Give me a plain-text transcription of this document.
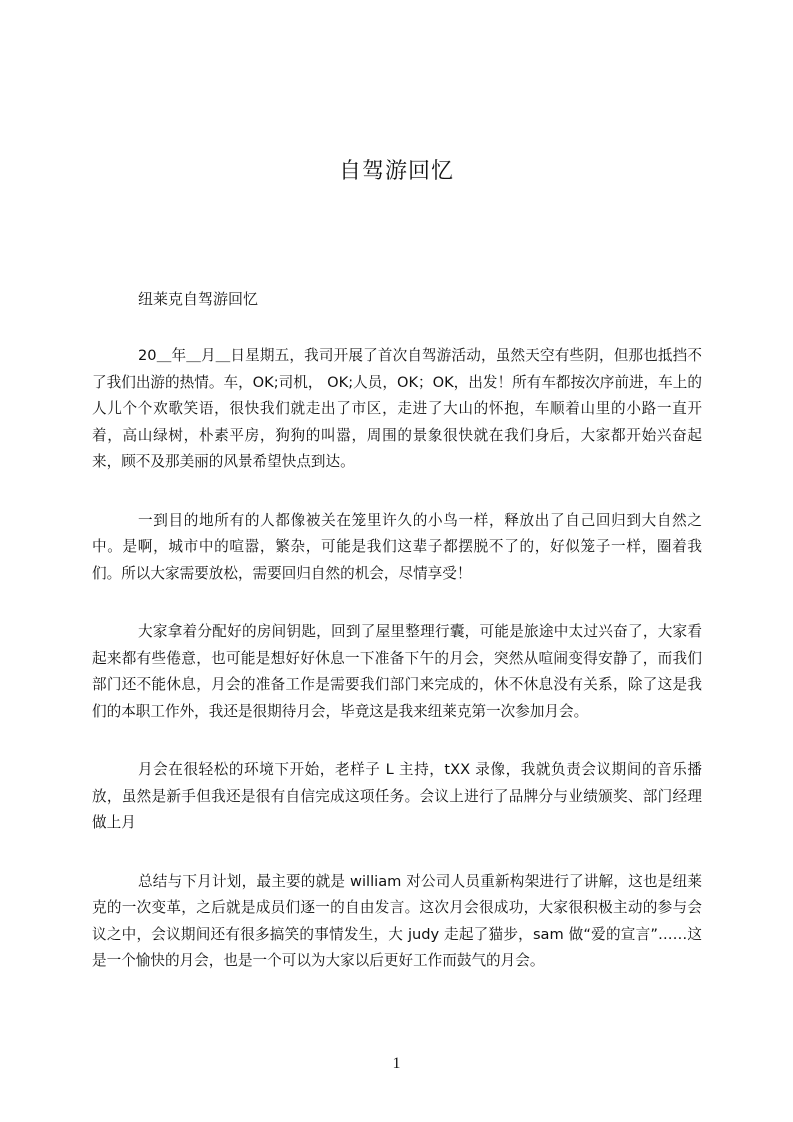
自驾游回忆

纽莱克自驾游回忆

20＿年＿月＿日星期五，我司开展了首次自驾游活动，虽然天空有些阴，但那也抵挡不了我们出游的热情。车，OK;司机， OK;人员，OK；OK，出发！所有车都按次序前进，车上的人儿个个欢歌笑语，很快我们就走出了市区，走进了大山的怀抱，车顺着山里的小路一直开着，高山绿树，朴素平房，狗狗的叫嚣，周围的景象很快就在我们身后，大家都开始兴奋起来，顾不及那美丽的风景希望快点到达。

一到目的地所有的人都像被关在笼里许久的小鸟一样，释放出了自己回归到大自然之中。是啊，城市中的喧嚣，繁杂，可能是我们这辈子都摆脱不了的，好似笼子一样，圈着我们。所以大家需要放松，需要回归自然的机会，尽情享受！

大家拿着分配好的房间钥匙，回到了屋里整理行囊，可能是旅途中太过兴奋了，大家看起来都有些倦意，也可能是想好好休息一下准备下午的月会，突然从喧闹变得安静了，而我们部门还不能休息，月会的准备工作是需要我们部门来完成的，休不休息没有关系，除了这是我们的本职工作外，我还是很期待月会，毕竟这是我来纽莱克第一次参加月会。

月会在很轻松的环境下开始，老样子 L 主持，tXX 录像，我就负责会议期间的音乐播放，虽然是新手但我还是很有自信完成这项任务。会议上进行了品牌分与业绩颁奖、部门经理做上月

总结与下月计划，最主要的就是 william 对公司人员重新构架进行了讲解，这也是纽莱克的一次变革，之后就是成员们逐一的自由发言。这次月会很成功，大家很积极主动的参与会议之中，会议期间还有很多搞笑的事情发生，大 judy 走起了猫步，sam 做“爱的宣言”……这是一个愉快的月会，也是一个可以为大家以后更好工作而鼓气的月会。

1
